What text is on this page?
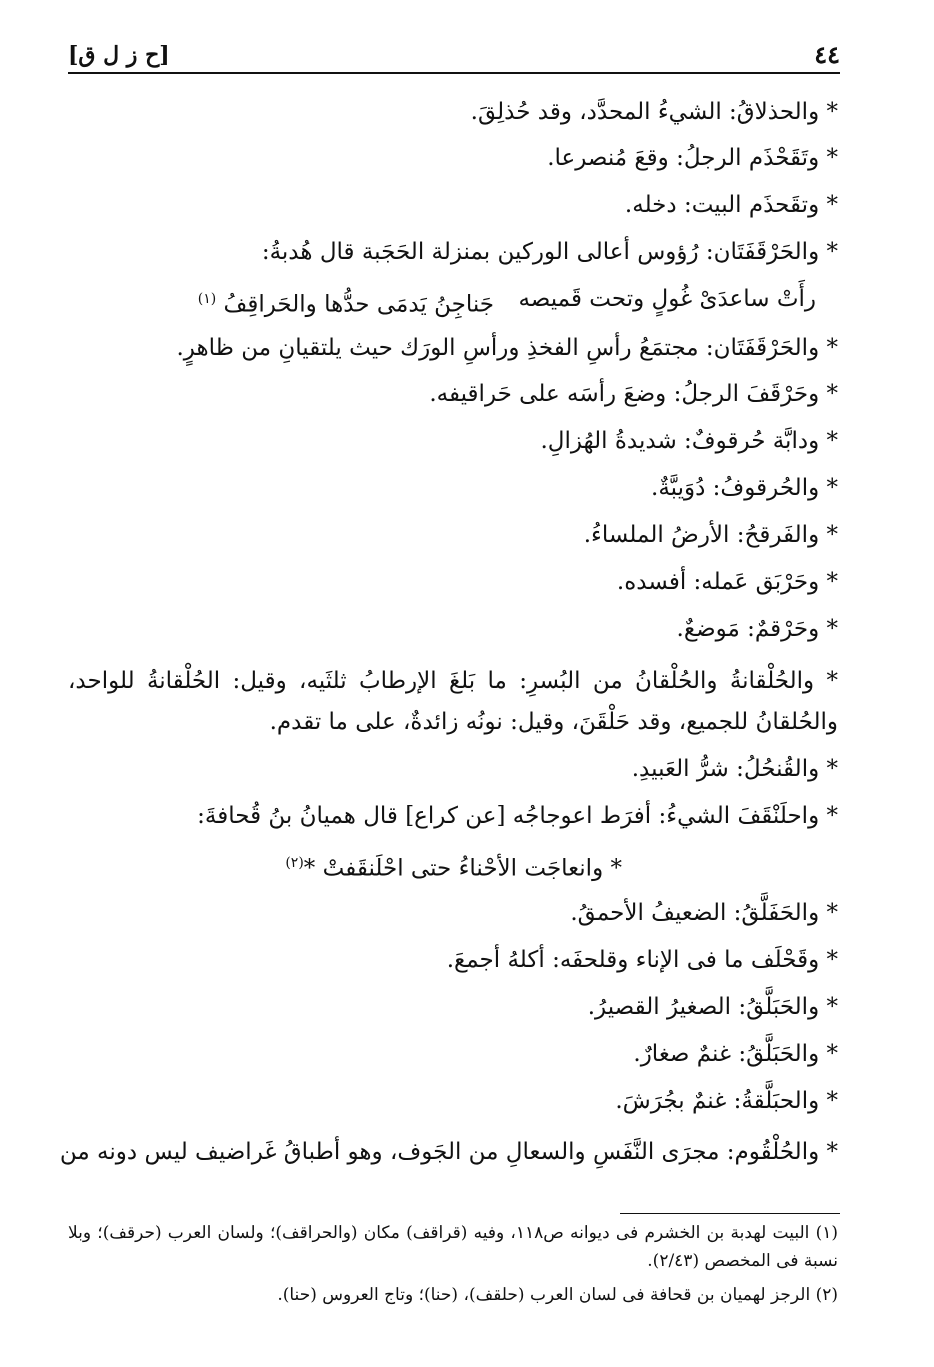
٤٤
[ح ز ل ق]
* والحذلاقُ: الشيءُ المحدَّد، وقد حُذلِقَ.
* وتَقَحْذَم الرجلُ: وقعَ مُنصرعا.
* وتقَحذَم البيت: دخله.
* والحَرْقَفَتَان: رُؤوس أعالى الوركين بمنزلة الحَجَبة قال هُدبةُ:
رأَتْ ساعدَىْ غُولٍ وتحت قَميصه
جَناجِنُ يَدمَى حدُّها والحَراقِفُ $^{(١)}$
* والحَرْقَفَتَان: مجتمَعُ رأسِ الفخذِ ورأسِ الورَك حيث يلتقيانِ من ظاهرٍ.
* وحَرْقَفَ الرجلُ: وضعَ رأسَه على حَراقيفه.
* ودابَّة حُرقوفٌ: شديدةُ الهُزالِ.
* والحُرقوفُ: دُوَيبَّةٌ.
* والفَرقحُ: الأرضُ الملساءُ.
* وحَرْبَق عَمله: أفسده.
* وحَرْقمٌ: مَوضعٌ.
* والحُلْقانةُ والحُلْقانُ من البُسرِ: ما بَلغَ الإرطابُ ثلثَيه، وقيل: الحُلْقانةُ للواحد،
والحُلقانُ للجميع، وقد حَلْقَنَ، وقيل: نونُه زائدةٌ، على ما تقدم.
* والقُنحُلُ: شرُّ العَبيدِ.
* واحلَنْقَفَ الشيءُ: أفرَط اعوجاجُه [عن كراع] قال هميانُ بنُ قُحافةَ:
* وانعاجَت الأحْناءُ حتى احْلَنقَفتْ *$^{(٢)}$
* والحَفَلَّقُ: الضعيفُ الأحمقُ.
* وقَحْلَف ما فى الإناء وقلحفَه: أكلهُ أجمعَ.
* والحَبَلَّقُ: الصغيرُ القصيرُ.
* والحَبَلَّقُ: غنمٌ صغارٌ.
* والحبَلَّقةُ: غنمٌ بجُرَشَ.
* والحُلْقُوم: مجرَى النَّفَسِ والسعالِ من الجَوف، وهو أطباقُ غَراضيف ليس دونه من
(١) البيت لهدبة بن الخشرم فى ديوانه ص١١٨، وفيه (قراقف) مكان (والحراقف)؛ ولسان العرب (حرقف)؛ وبلا
نسبة فى المخصص (٢/٤٣).
(٢) الرجز لهميان بن قحافة فى لسان العرب (حلقف)، (حنا)؛ وتاج العروس (حنا).
